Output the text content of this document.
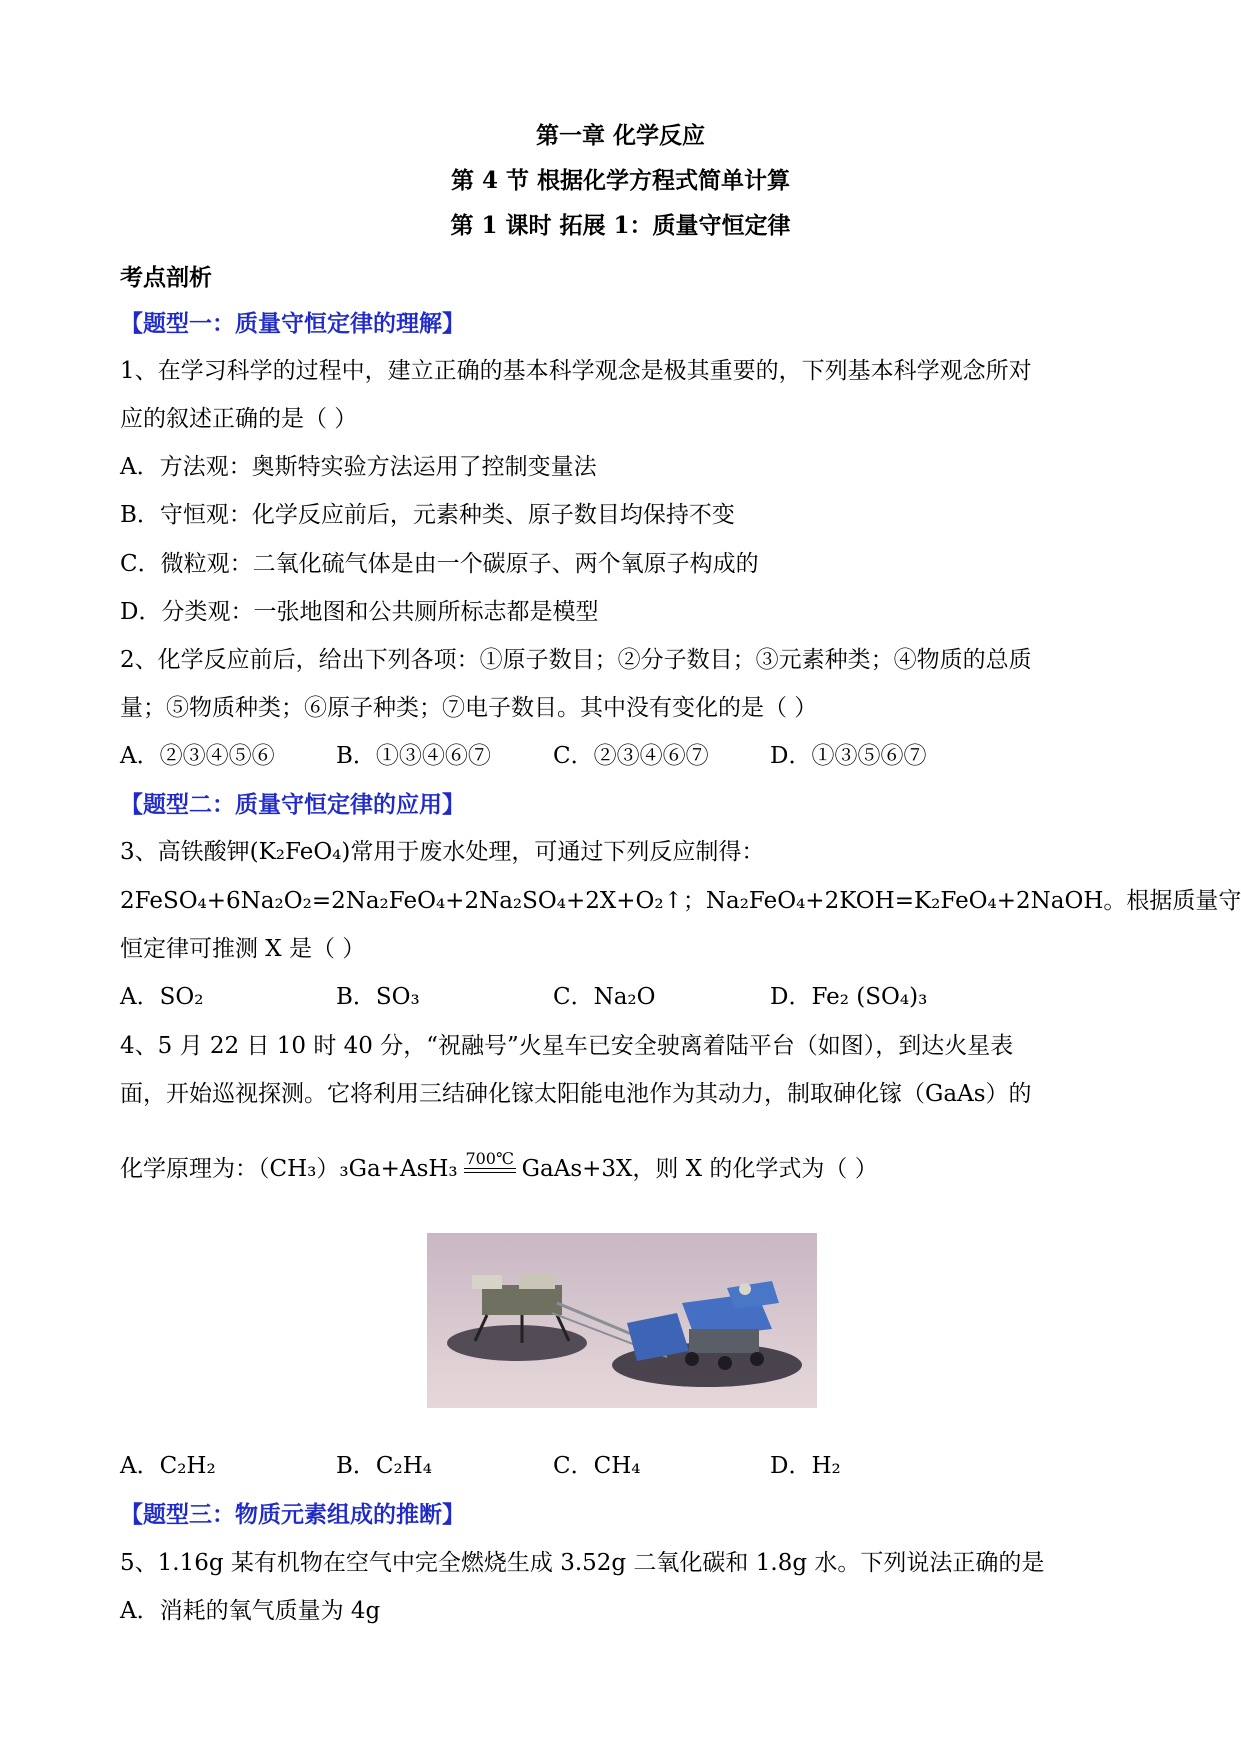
第一章 化学反应
第 4 节 根据化学方程式简单计算
第 1 课时 拓展 1：质量守恒定律
考点剖析
【题型一：质量守恒定律的理解】
1、在学习科学的过程中，建立正确的基本科学观念是极其重要的，下列基本科学观念所对
应的叙述正确的是（ ）
A．方法观：奥斯特实验方法运用了控制变量法
B．守恒观：化学反应前后，元素种类、原子数目均保持不变
C．微粒观：二氧化硫气体是由一个碳原子、两个氧原子构成的
D．分类观：一张地图和公共厕所标志都是模型
2、化学反应前后，给出下列各项：①原子数目；②分子数目；③元素种类；④物质的总质
量；⑤物质种类；⑥原子种类；⑦电子数目。其中没有变化的是（ ）
A．②③④⑤⑥	B．①③④⑥⑦	C．②③④⑥⑦	D．①③⑤⑥⑦
【题型二：质量守恒定律的应用】
3、高铁酸钾(K₂FeO₄)常用于废水处理，可通过下列反应制得：
2FeSO₄+6Na₂O₂=2Na₂FeO₄+2Na₂SO₄+2X+O₂↑；Na₂FeO₄+2KOH=K₂FeO₄+2NaOH。根据质量守
恒定律可推测 X 是（ ）
A．SO₂	B．SO₃	C．Na₂O	D．Fe₂ (SO₄)₃
4、5 月 22 日 10 时 40 分，“祝融号”火星车已安全驶离着陆平台（如图），到达火星表
面，开始巡视探测。它将利用三结砷化镓太阳能电池作为其动力，制取砷化镓（GaAs）的
化学原理为：（CH₃）₃Ga+AsH₃ 700℃ GaAs+3X，则 X 的化学式为（ ）
A．C₂H₂	B．C₂H₄	C．CH₄	D．H₂
【题型三：物质元素组成的推断】
5、1.16g 某有机物在空气中完全燃烧生成 3.52g 二氧化碳和 1.8g 水。下列说法正确的是
A．消耗的氧气质量为 4g
